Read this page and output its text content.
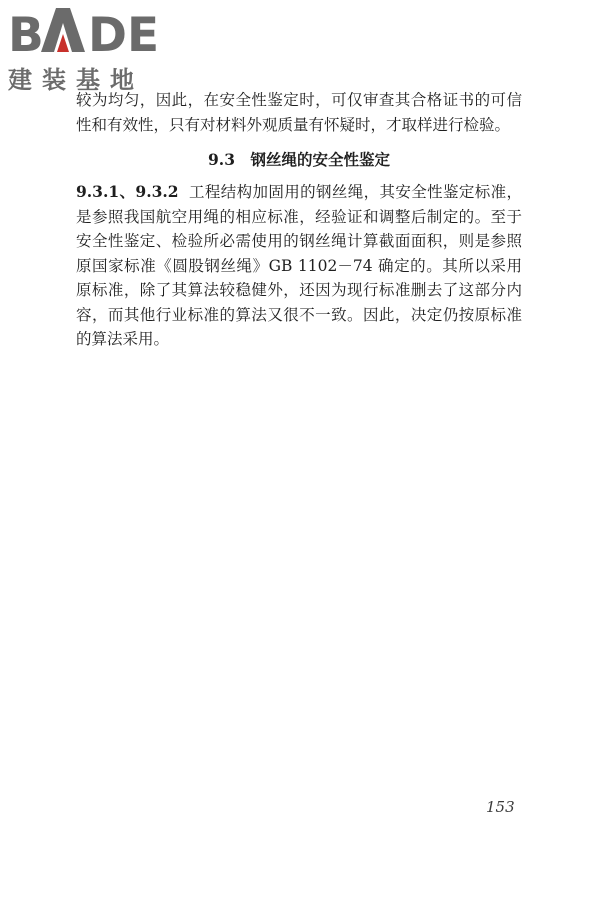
B DE
建装基地
较为均匀，因此，在安全性鉴定时，可仅审查其合格证书的可信性和有效性，只有对材料外观质量有怀疑时，才取样进行检验。
9.3　钢丝绳的安全性鉴定
9.3.1、9.3.2 工程结构加固用的钢丝绳，其安全性鉴定标准，是参照我国航空用绳的相应标准，经验证和调整后制定的。至于安全性鉴定、检验所必需使用的钢丝绳计算截面面积，则是参照原国家标准《圆股钢丝绳》GB 1102－74 确定的。其所以采用原标准，除了其算法较稳健外，还因为现行标准删去了这部分内容，而其他行业标准的算法又很不一致。因此，决定仍按原标准的算法采用。
153
